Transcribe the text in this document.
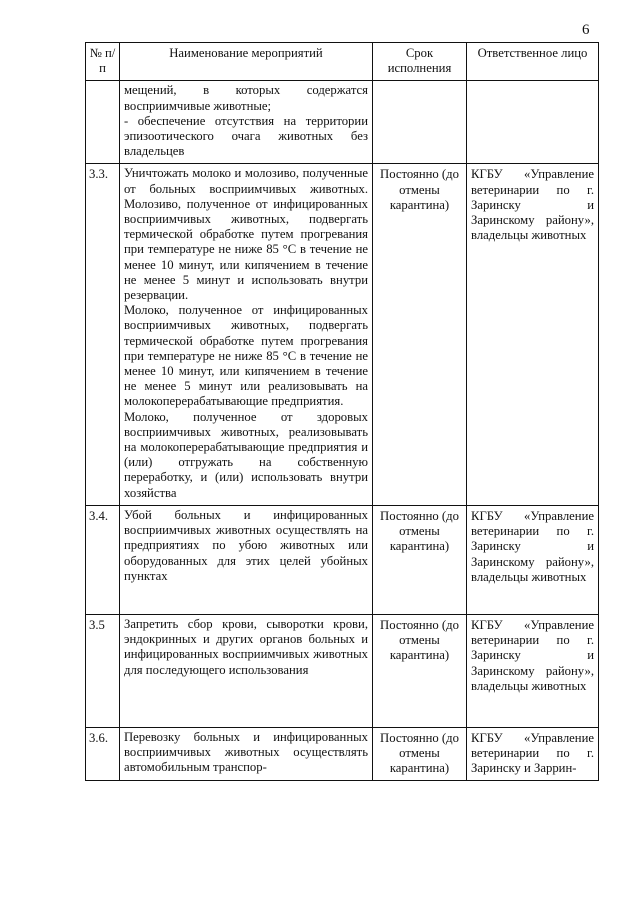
6
№ п/п	Наименование мероприятий	Срок исполнения	Ответственное лицо

	мещений, в которых содержатся восприимчивые животные;
- обеспечение отсутствия на территории эпизоотического очага животных без владельцев		

3.3.	Уничтожать молоко и молозиво, полученные от больных восприимчивых животных. Молозиво, полученное от инфицированных восприимчивых животных, подвергать термической обработке путем прогревания при температуре не ниже 85 °С в течение не менее 10 минут, или кипячением в течение не менее 5 минут и использовать внутри резервации.
Молоко, полученное от инфицированных восприимчивых животных, подвергать термической обработке путем прогревания при температуре не ниже 85 °С в течение не менее 10 минут, или кипячением в течение не менее 5 минут или реализовывать на молокоперерабатывающие предприятия.
Молоко, полученное от здоровых восприимчивых животных, реализовывать на молокоперерабатывающие предприятия и (или) отгружать на собственную переработку, и (или) использовать внутри хозяйства	Постоянно (до отмены карантина)	КГБУ «Управление ветеринарии по г. Заринску и Заринскому району», владельцы животных
3.4.	Убой больных и инфицированных восприимчивых животных осуществлять на предприятиях по убою животных или оборудованных для этих целей убойных пунктах	Постоянно (до отмены карантина)	КГБУ «Управление ветеринарии по г. Заринску и Заринскому району», владельцы животных
3.5	Запретить сбор крови, сыворотки крови, эндокринных и других органов больных и инфицированных восприимчивых животных для последующего использования	Постоянно (до отмены карантина)	КГБУ «Управление ветеринарии по г. Заринску и Заринскому району», владельцы животных
3.6.	Перевозку больных и инфицированных восприимчивых животных осуществлять автомобильным транспор-	Постоянно (до отмены карантина)	КГБУ «Управление ветеринарии по г. Заринску и Заррин-
